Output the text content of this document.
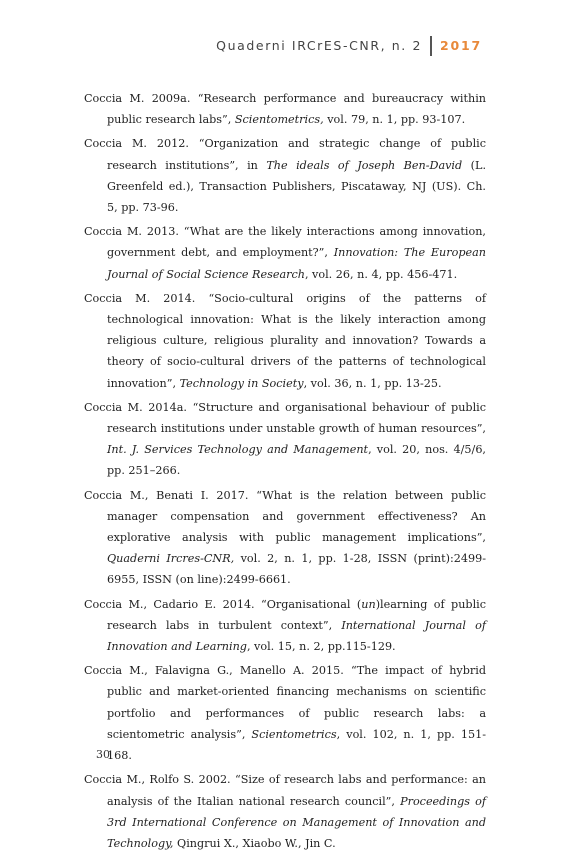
Quaderni IRCrES-CNR, n. 2	2017

Coccia M. 2009a. “Research performance and bureaucracy within public research labs”, Scientometrics, vol. 79, n. 1, pp. 93-107.

Coccia M. 2012. “Organization and strategic change of public research institutions”, in The ideals of Joseph Ben-David (L. Greenfeld ed.), Transaction Publishers, Piscataway, NJ (US). Ch. 5, pp. 73-96.

Coccia M. 2013. “What are the likely interactions among innovation, government debt, and employment?”, Innovation: The European Journal of Social Science Research, vol. 26, n. 4, pp. 456-471.

Coccia M. 2014. “Socio-cultural origins of the patterns of technological innovation: What is the likely interaction among religious culture, religious plurality and innovation? Towards a theory of socio-cultural drivers of the patterns of technological innovation”, Technology in Society, vol. 36, n. 1, pp. 13-25.

Coccia M. 2014a. “Structure and organisational behaviour of public research institutions under unstable growth of human resources”, Int. J. Services Technology and Management, vol. 20, nos. 4/5/6, pp. 251–266.

Coccia M., Benati I. 2017. “What is the relation between public manager compensation and government effectiveness? An explorative analysis with public management implications”, Quaderni Ircres-CNR, vol. 2, n. 1, pp. 1-28, ISSN (print):2499-6955, ISSN (on line):2499-6661.

Coccia M., Cadario E. 2014. “Organisational (un)learning of public research labs in turbulent context”, International Journal of Innovation and Learning, vol. 15, n. 2, pp.115-129.

Coccia M., Falavigna G., Manello A. 2015. “The impact of hybrid public and market-oriented financing mechanisms on scientific portfolio and performances of public research labs: a scientometric analysis”, Scientometrics, vol. 102, n. 1, pp. 151-168.

Coccia M., Rolfo S. 2002. “Size of research labs and performance: an analysis of the Italian national research council”, Proceedings of 3rd International Conference on Management of Innovation and Technology, Qingrui X., Xiaobo W., Jin C.

30
